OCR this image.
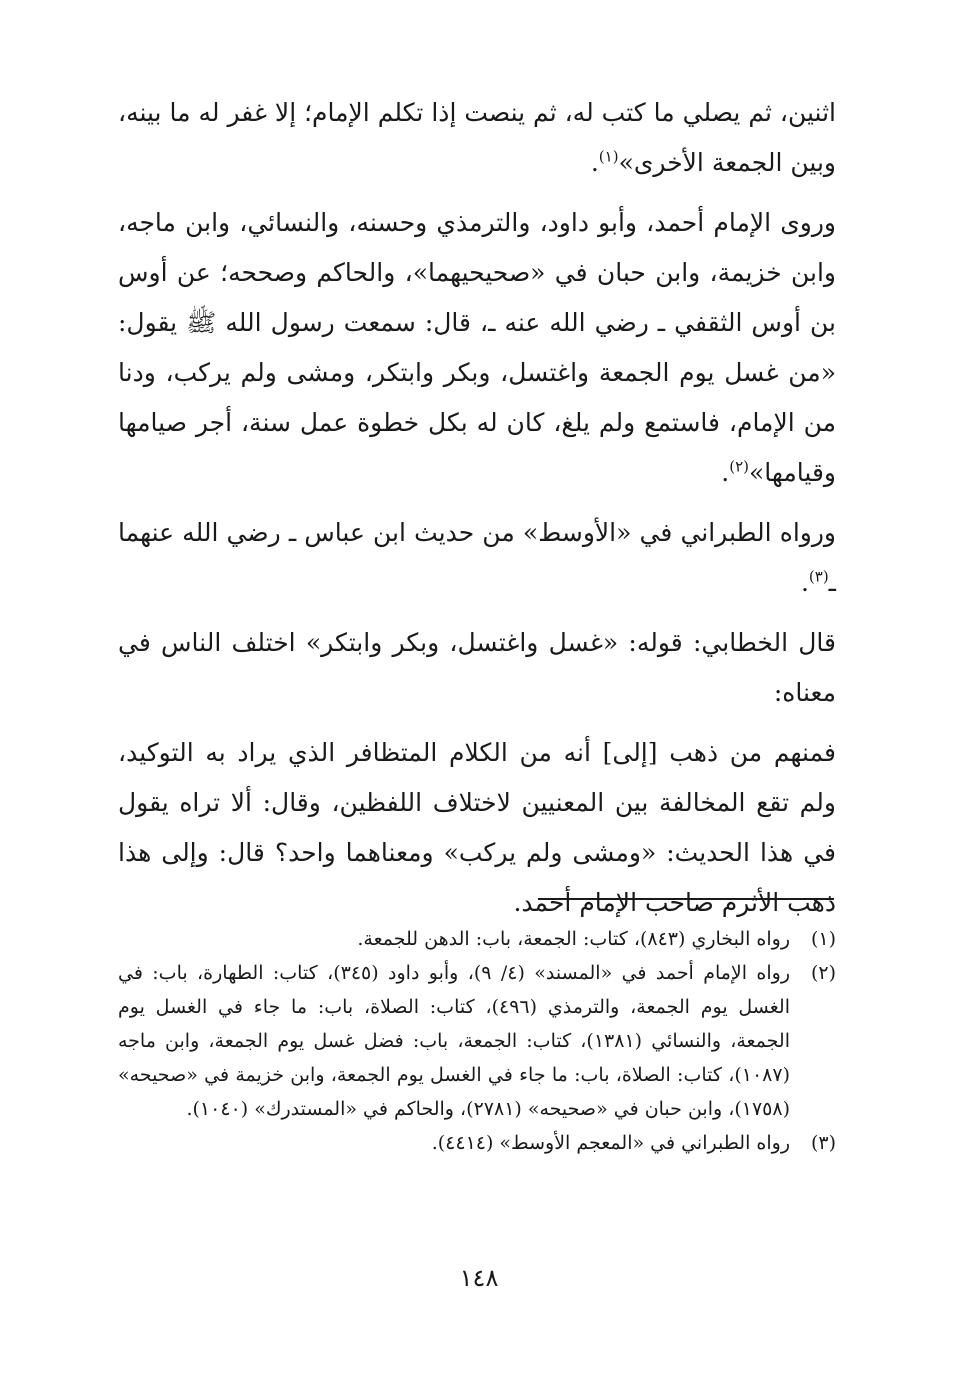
اثنين، ثم يصلي ما كتب له، ثم ينصت إذا تكلم الإمام؛ إلا غفر له ما بينه، وبين الجمعة الأخرى»$^{(١)}$.

وروى الإمام أحمد، وأبو داود، والترمذي وحسنه، والنسائي، وابن ماجه، وابن خزيمة، وابن حبان في «صحيحيهما»، والحاكم وصححه؛ عن أوس بن أوس الثقفي ـ رضي الله عنه ـ، قال: سمعت رسول الله ﷺ يقول: «من غسل يوم الجمعة واغتسل، وبكر وابتكر، ومشى ولم يركب، ودنا من الإمام، فاستمع ولم يلغ، كان له بكل خطوة عمل سنة، أجر صيامها وقيامها»$^{(٢)}$.

ورواه الطبراني في «الأوسط» من حديث ابن عباس ـ رضي الله عنهما ـ$^{(٣)}$.

قال الخطابي: قوله: «غسل واغتسل، وبكر وابتكر» اختلف الناس في معناه:

فمنهم من ذهب [إلى] أنه من الكلام المتظافر الذي يراد به التوكيد، ولم تقع المخالفة بين المعنيين لاختلاف اللفظين، وقال: ألا تراه يقول في هذا الحديث: «ومشى ولم يركب» ومعناهما واحد؟ قال: وإلى هذا ذهب الأثرم صاحب الإمام أحمد.

(١)
رواه البخاري (٨٤٣)، كتاب: الجمعة، باب: الدهن للجمعة.
(٢)
رواه الإمام أحمد في «المسند» (٤/ ٩)، وأبو داود (٣٤٥)، كتاب: الطهارة، باب: في الغسل يوم الجمعة، والترمذي (٤٩٦)، كتاب: الصلاة، باب: ما جاء في الغسل يوم الجمعة، والنسائي (١٣٨١)، كتاب: الجمعة، باب: فضل غسل يوم الجمعة، وابن ماجه (١٠٨٧)، كتاب: الصلاة، باب: ما جاء في الغسل يوم الجمعة، وابن خزيمة في «صحيحه» (١٧٥٨)، وابن حبان في «صحيحه» (٢٧٨١)، والحاكم في «المستدرك» (١٠٤٠).
(٣)
رواه الطبراني في «المعجم الأوسط» (٤٤١٤).
١٤٨
